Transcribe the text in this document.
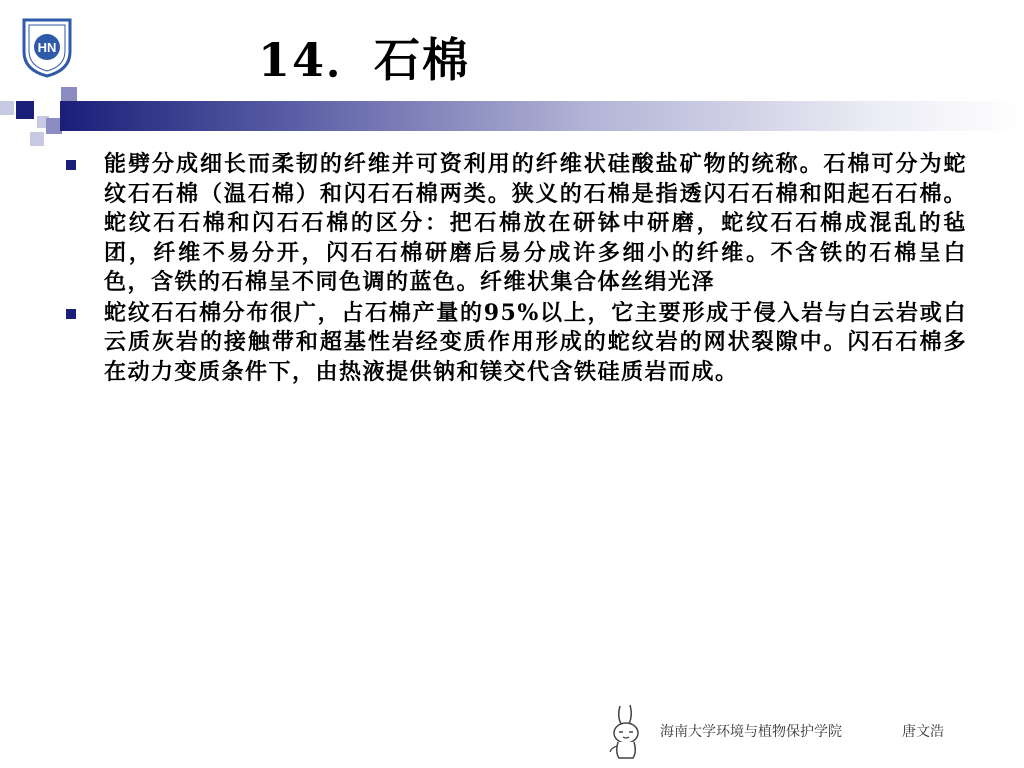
HN	14．石棉
能劈分成细长而柔韧的纤维并可资利用的纤维状硅酸盐矿物的统称。石棉可分为蛇纹石石棉（温石棉）和闪石石棉两类。狭义的石棉是指透闪石石棉和阳起石石棉。蛇纹石石棉和闪石石棉的区分：把石棉放在研钵中研磨，蛇纹石石棉成混乱的毡团，纤维不易分开，闪石石棉研磨后易分成许多细小的纤维。不含铁的石棉呈白色，含铁的石棉呈不同色调的蓝色。纤维状集合体丝绢光泽
蛇纹石石棉分布很广，占石棉产量的95%以上，它主要形成于侵入岩与白云岩或白云质灰岩的接触带和超基性岩经变质作用形成的蛇纹岩的网状裂隙中。闪石石棉多在动力变质条件下，由热液提供钠和镁交代含铁硅质岩而成。
海南大学环境与植物保护学院	唐文浩
